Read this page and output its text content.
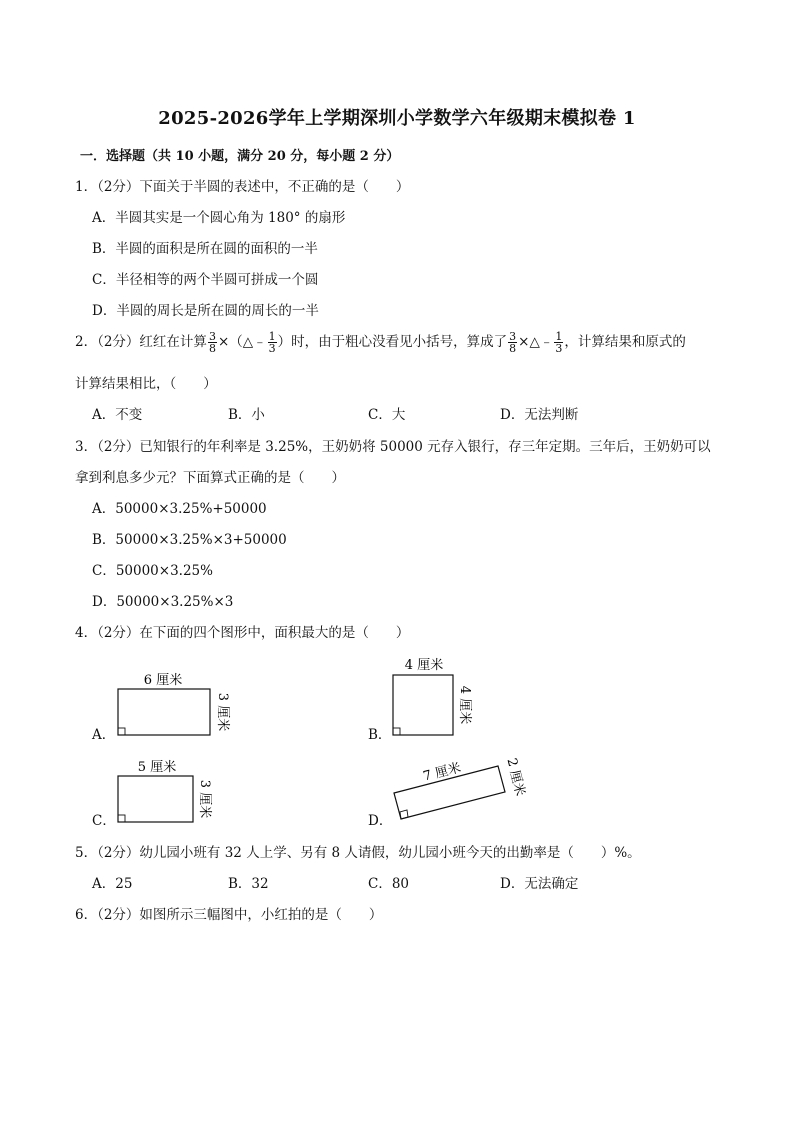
2025-2026学年上学期深圳小学数学六年级期末模拟卷 1
一．选择题（共 10 小题，满分 20 分，每小题 2 分）
1．（2分）下面关于半圆的表述中，不正确的是（　　）
A．半圆其实是一个圆心角为 180° 的扇形
B．半圆的面积是所在圆的面积的一半
C．半径相等的两个半圆可拼成一个圆
D．半圆的周长是所在圆的周长的一半
2．（2分）红红在计算 $\frac{3}{8}$ ×（△﹣ $\frac{1}{3}$ ）时，由于粗心没看见小括号，算成了 $\frac{3}{8}$ ×△﹣ $\frac{1}{3}$ ，计算结果和原式的
计算结果相比，（　　）
A．不变	B．小	C．大	D．无法判断
3．（2分）已知银行的年利率是 3.25%，王奶奶将 50000 元存入银行，存三年定期。三年后，王奶奶可以
拿到利息多少元？下面算式正确的是（　　）
A．50000×3.25%+50000
B．50000×3.25%×3+50000
C．50000×3.25%
D．50000×3.25%×3
4．（2分）在下面的四个图形中，面积最大的是（　　）
A．	B．
C．	D．
6 厘米
3 厘米
4 厘米
4 厘米
5 厘米
3 厘米
7 厘米	2 厘米
5．（2分）幼儿园小班有 32 人上学、另有 8 人请假，幼儿园小班今天的出勤率是（　　）%。
A．25	B．32	C．80	D．无法确定
6．（2分）如图所示三幅图中，小红拍的是（　　）
